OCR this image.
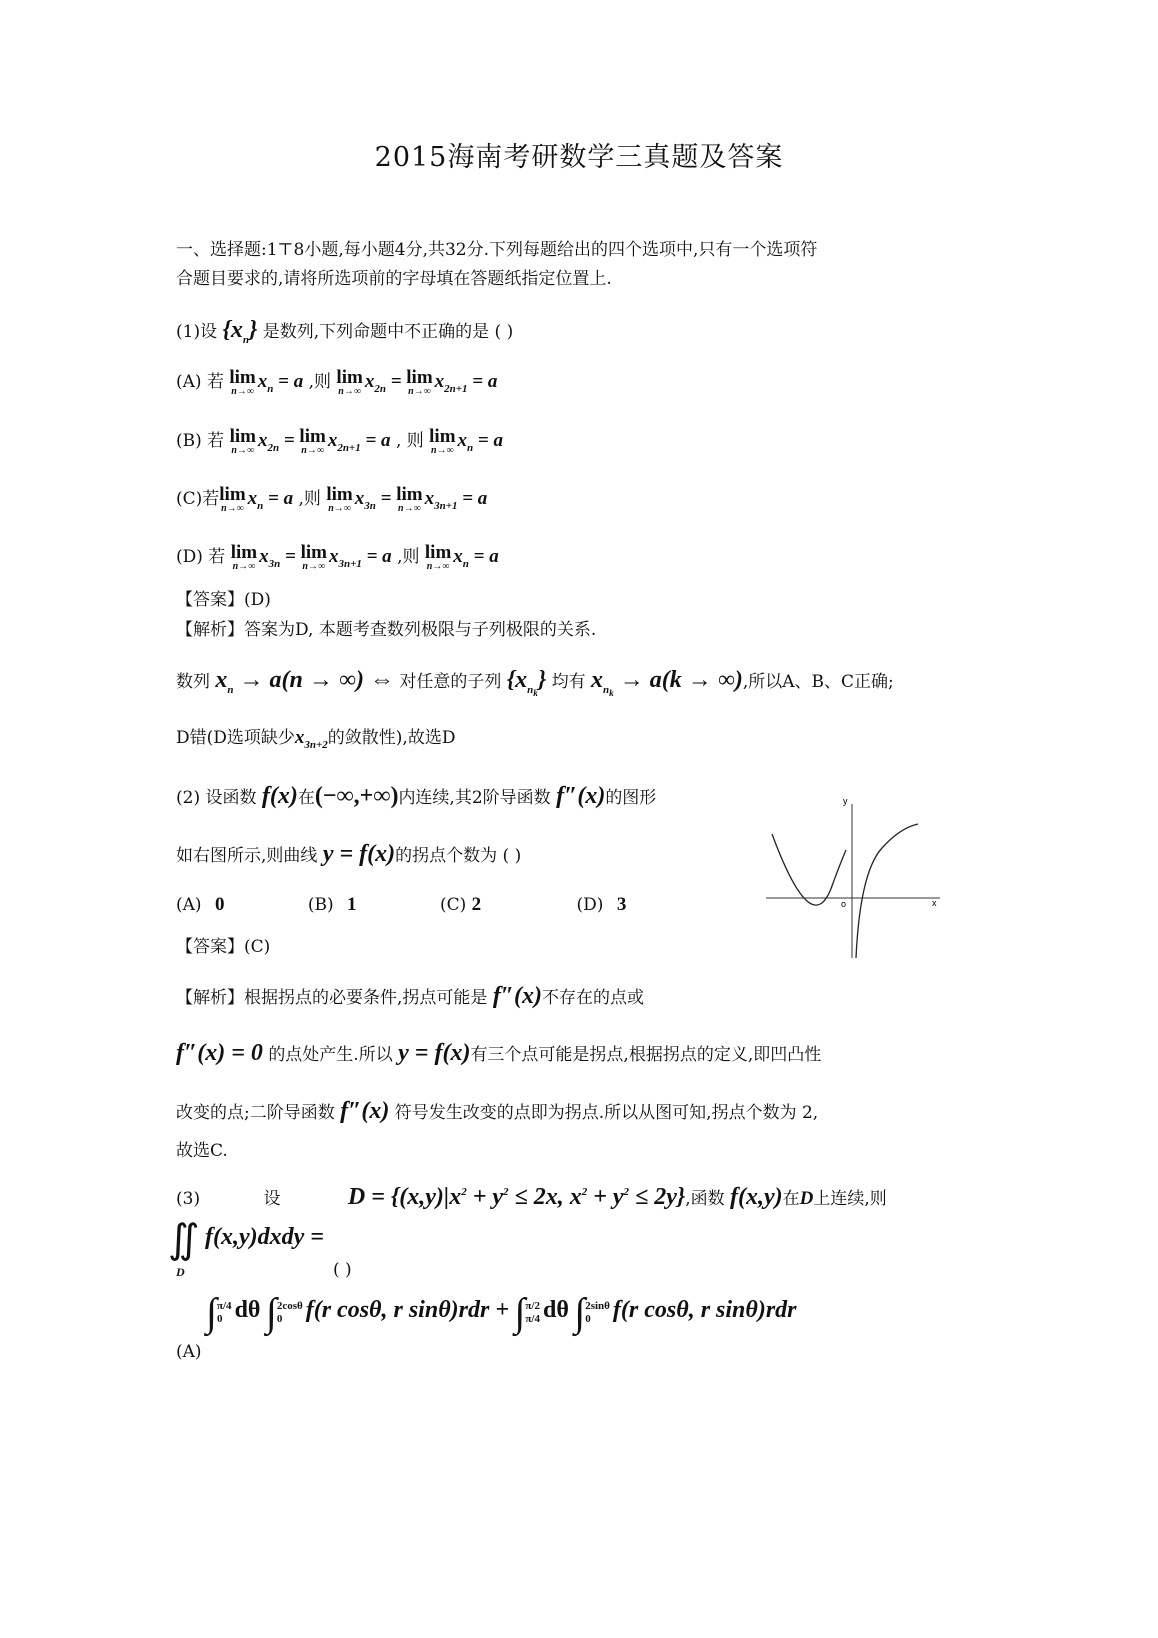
2015海南考研数学三真题及答案
一、选择题:1⊤8小题,每小题4分,共32分.下列每题给出的四个选项中,只有一个选项符
合题目要求的,请将所选项前的字母填在答题纸指定位置上.
(1)设 $\{x_n\}$ 是数列,下列命题中不正确的是 ( )
(A) 若 lim
n→∞ $x_n = a$ ,则 lim
n→∞ $x_{2n} = \lim$
n→∞ $x_{2n+1} = a$
(B) 若 lim
n→∞ $x_{2n} = \lim$
n→∞ $x_{2n+1} = a$ , 则 lim
n→∞ $x_n = a$
(C)若 lim
n→∞ $x_n = a$ ,则 lim
n→∞ $x_{3n} = \lim$
n→∞ $x_{3n+1} = a$
(D) 若 lim
n→∞ $x_{3n} = \lim$
n→∞ $x_{3n+1} = a$ ,则 lim
n→∞ $x_n = a$
【答案】(D)
【解析】答案为D, 本题考查数列极限与子列极限的关系.
数列 $x_n \to a(n$ → ∞) ⇔ 对任意的子列 $\{x_{n_k}\}$ 均有 $x_{n_k} \to a(k$ → ∞),所以A、B、C正确;
D错(D选项缺少$x_{3n+2}$的敛散性),故选D
(2) 设函数 f(x)在(−∞,+∞)内连续,其2阶导函数 f″(x)的图形
如右图所示,则曲线 y = f(x)的拐点个数为 ( )
(A) 0	(B) 1	(C) 2	(D) 3
y
x
o
【答案】(C)
【解析】根据拐点的必要条件,拐点可能是 f″(x)不存在的点或
f″(x) = 0 的点处产生.所以 y = f(x)有三个点可能是拐点,根据拐点的定义,即凹凸性
改变的点;二阶导函数 f″(x) 符号发生改变的点即为拐点.所以从图可知,拐点个数为 2,
故选C.
(3)	设	$D = \{(x,y)|x^2 + y^2 \le 2x$, $x^2 + y^2 \le 2y$},函数 f(x,y)在D上连续,则
∬ f(x,y)dxdy =
D	( )
∫π/4
0 dθ ∫2cosθ
0 f(r cosθ, r sinθ)rdr + ∫π/2
π/4 dθ ∫2sinθ
0 f(r cosθ, r sinθ)rdr
(A)
